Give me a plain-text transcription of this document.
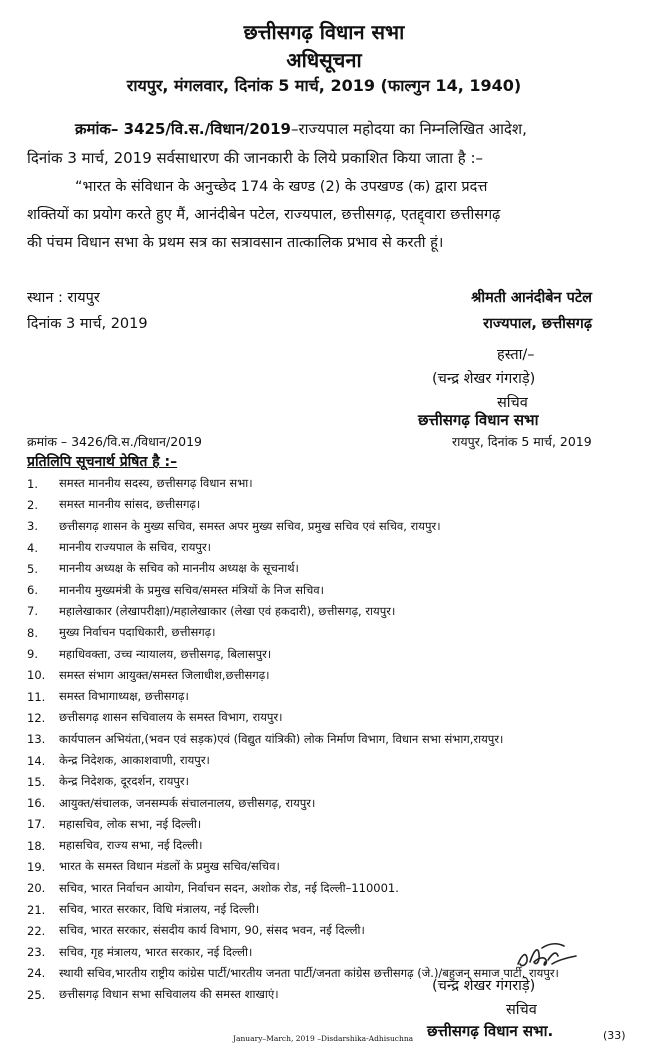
छत्तीसगढ़ विधान सभा
अधिसूचना
रायपुर, मंगलवार, दिनांक 5 मार्च, 2019 (फाल्गुन 14, 1940)
क्रमांक– 3425/वि.स./विधान/2019–राज्यपाल महोदया का निम्नलिखित आदेश,
दिनांक 3 मार्च, 2019 सर्वसाधारण की जानकारी के लिये प्रकाशित किया जाता है :–
“भारत के संविधान के अनुच्छेद 174 के खण्ड (2) के उपखण्ड (क) द्वारा प्रदत्त
शक्तियों का प्रयोग करते हुए मैं, आनंदीबेन पटेल, राज्यपाल, छत्तीसगढ़, एतद्द्वारा छत्तीसगढ़
की पंचम विधान सभा के प्रथम सत्र का सत्रावसान तात्कालिक प्रभाव से करती हूं।
स्थान : रायपुर
दिनांक 3 मार्च, 2019
श्रीमती आनंदीबेन पटेल
राज्यपाल, छत्तीसगढ़
हस्ता/–
(चन्द्र शेखर गंगराड़े)
सचिव
छत्तीसगढ़ विधान सभा
क्रमांक – 3426/वि.स./विधान/2019	रायपुर, दिनांक 5 मार्च, 2019
प्रतिलिपि सूचनार्थ प्रेषित है :–
1.	समस्त माननीय सदस्य, छत्तीसगढ़ विधान सभा।
2.	समस्त माननीय सांसद, छत्तीसगढ़।
3.	छत्तीसगढ़ शासन के मुख्य सचिव, समस्त अपर मुख्य सचिव, प्रमुख सचिव एवं सचिव, रायपुर।
4.	माननीय राज्यपाल के सचिव, रायपुर।
5.	माननीय अध्यक्ष के सचिव को माननीय अध्यक्ष के सूचनार्थ।
6.	माननीय मुख्यमंत्री के प्रमुख सचिव/समस्त मंत्रियों के निज सचिव।
7.	महालेखाकार (लेखापरीक्षा)/महालेखाकार (लेखा एवं हकदारी), छत्तीसगढ़, रायपुर।
8.	मुख्य निर्वाचन पदाधिकारी, छत्तीसगढ़।
9.	महाधिवक्ता, उच्च न्यायालय, छत्तीसगढ़, बिलासपुर।
10.	समस्त संभाग आयुक्त/समस्त जिलाधीश,छत्तीसगढ़।
11.	समस्त विभागाध्यक्ष, छत्तीसगढ़।
12.	छत्तीसगढ़ शासन सचिवालय के समस्त विभाग, रायपुर।
13.	कार्यपालन अभियंता,(भवन एवं सड़क)एवं (विद्युत यांत्रिकी) लोक निर्माण विभाग, विधान सभा संभाग,रायपुर।
14.	केन्द्र निदेशक, आकाशवाणी, रायपुर।
15.	केन्द्र निदेशक, दूरदर्शन, रायपुर।
16.	आयुक्त/संचालक, जनसम्पर्क संचालनालय, छत्तीसगढ़, रायपुर।
17.	महासचिव, लोक सभा, नई दिल्ली।
18.	महासचिव, राज्य सभा, नई दिल्ली।
19.	भारत के समस्त विधान मंडलों के प्रमुख सचिव/सचिव।
20.	सचिव, भारत निर्वाचन आयोग, निर्वाचन सदन, अशोक रोड, नई दिल्ली–110001.
21.	सचिव, भारत सरकार, विधि मंत्रालय, नई दिल्ली।
22.	सचिव, भारत सरकार, संसदीय कार्य विभाग, 90, संसद भवन, नई दिल्ली।
23.	सचिव, गृह मंत्रालय, भारत सरकार, नई दिल्ली।
24.	स्थायी सचिव,भारतीय राष्ट्रीय कांग्रेस पार्टी/भारतीय जनता पार्टी/जनता कांग्रेस छत्तीसगढ़ (जे.)/बहुजन समाज पार्टी, रायपुर।
25.	छत्तीसगढ़ विधान सभा सचिवालय की समस्त शाखाएं।
(चन्द्र शेखर गंगराड़े)
सचिव
छत्तीसगढ़ विधान सभा.
January–March, 2019 –Disdarshika-Adhisuchna	(33)
